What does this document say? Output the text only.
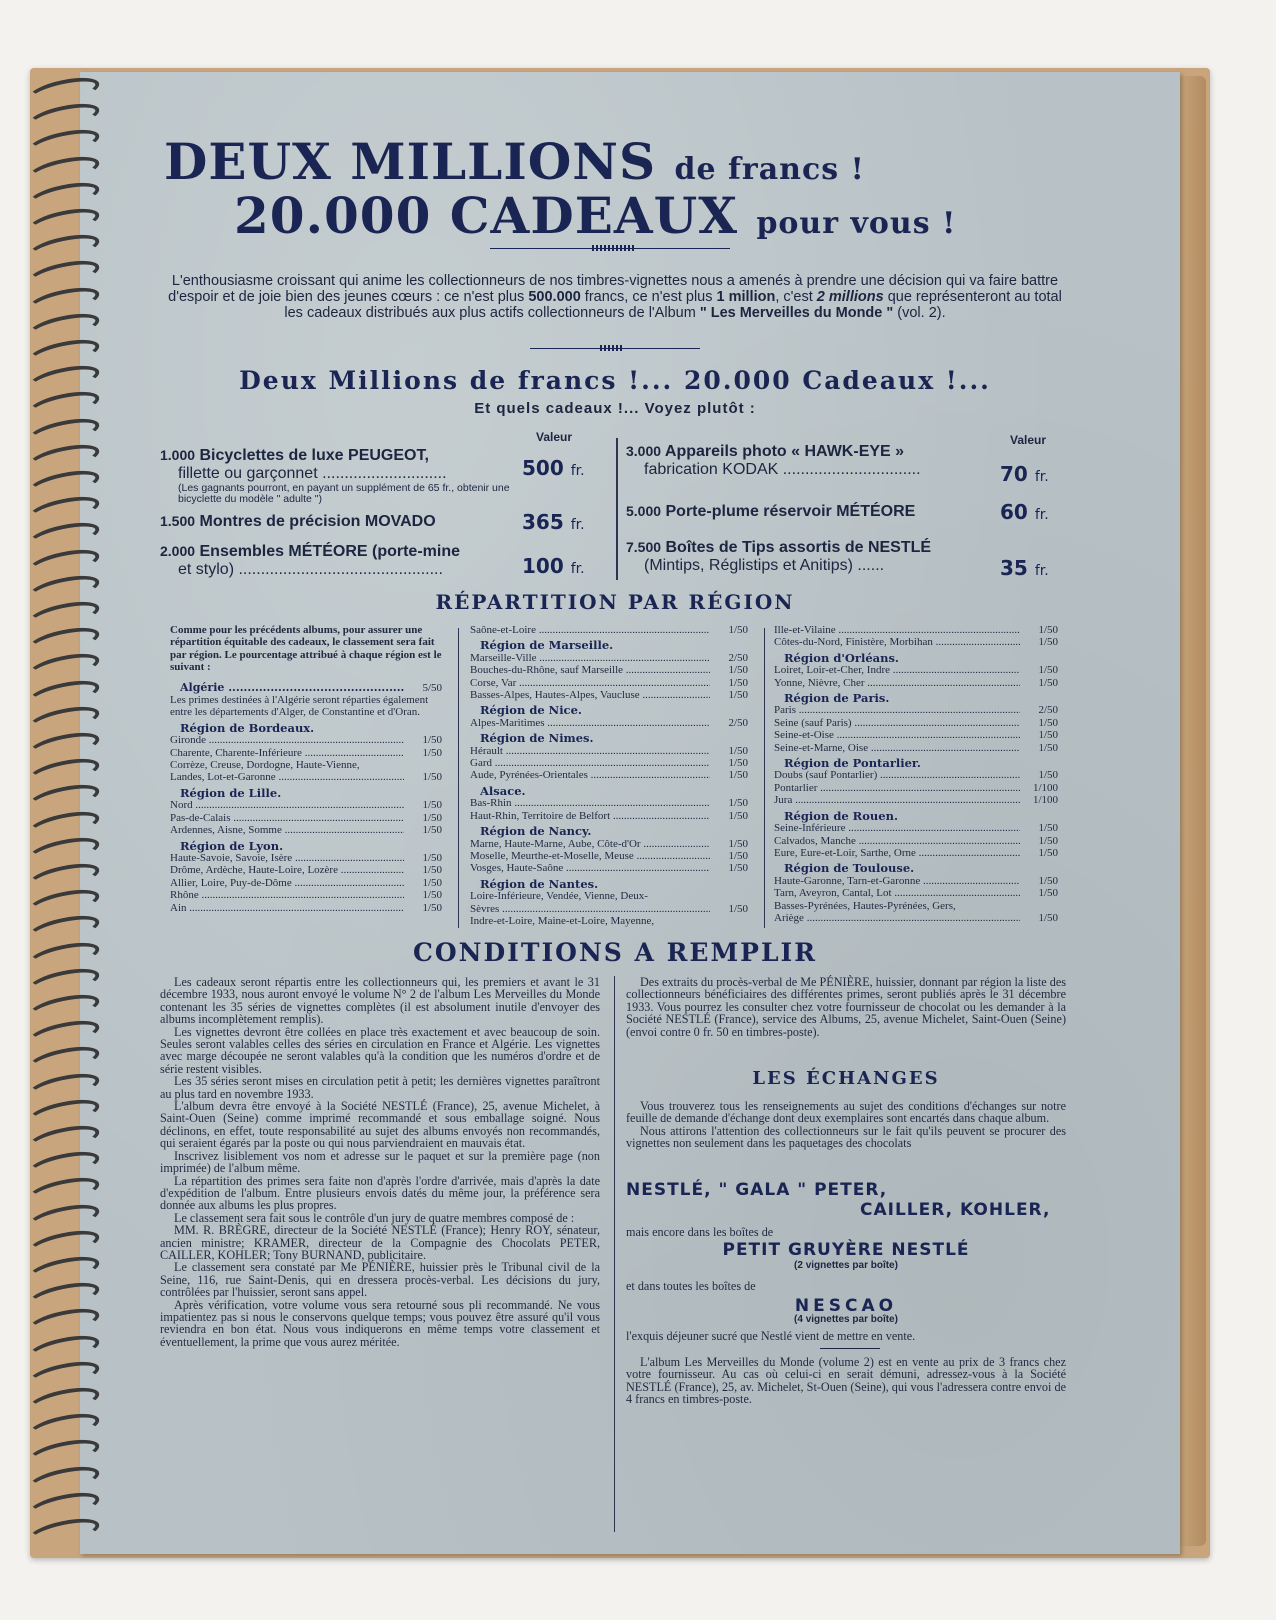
DEUX MILLIONS de francs !
20.000 CADEAUX pour vous !
L'enthousiasme croissant qui anime les collectionneurs de nos timbres-vignettes nous a amenés à prendre une décision qui va faire battre d'espoir et de joie bien des jeunes cœurs : ce n'est plus 500.000 francs, ce n'est plus 1 million, c'est 2 millions que représenteront au total les cadeaux distribués aux plus actifs collectionneurs de l'Album " Les Merveilles du Monde " (vol. 2).
Deux Millions de francs !... 20.000 Cadeaux !...
Et quels cadeaux !... Voyez plutôt :
Valeur	Valeur
1.000 Bicyclettes de luxe PEUGEOT,
fillette ou garçonnet ............................
(Les gagnants pourront, en payant un supplément de 65 fr., obtenir une bicyclette du modèle " adulte ")
500 fr.
1.500 Montres de précision MOVADO	365 fr.
2.000 Ensembles MÉTÉORE (porte-mine
et stylo) ..............................................	100 fr.
3.000 Appareils photo « HAWK-EYE »
fabrication KODAK ...............................	70 fr.
5.000 Porte-plume réservoir MÉTÉORE	60 fr.
7.500 Boîtes de Tips assortis de NESTLÉ
(Mintips, Réglistips et Anitips) ......	35 fr.
RÉPARTITION PAR RÉGION
Comme pour les précédents albums, pour assurer une répartition équitable des cadeaux, le classement sera fait par région. Le pourcentage attribué à chaque région est le suivant :
Algérie .....	5/50
Les primes destinées à l'Algérie seront réparties également entre les départements d'Alger, de Constantine et d'Oran.
Région de Bordeaux.
Gironde .....	1/50
Charente, Charente-Inférieure .....	1/50
Corrèze, Creuse, Dordogne, Haute-Vienne,
Landes, Lot-et-Garonne .....	1/50
Région de Lille.
Nord .....	1/50
Pas-de-Calais .....	1/50
Ardennes, Aisne, Somme .....	1/50
Région de Lyon.
Haute-Savoie, Savoie, Isère .....	1/50
Drôme, Ardèche, Haute-Loire, Lozère .....	1/50
Allier, Loire, Puy-de-Dôme .....	1/50
Rhône .....	1/50
Ain .....	1/50
Saône-et-Loire .....	1/50
Région de Marseille.
Marseille-Ville .....	2/50
Bouches-du-Rhône, sauf Marseille .....	1/50
Corse, Var .....	1/50
Basses-Alpes, Hautes-Alpes, Vaucluse .....	1/50
Région de Nice.
Alpes-Maritimes .....	2/50
Région de Nimes.
Hérault .....	1/50
Gard .....	1/50
Aude, Pyrénées-Orientales .....	1/50
Alsace.
Bas-Rhin .....	1/50
Haut-Rhin, Territoire de Belfort .....	1/50
Région de Nancy.
Marne, Haute-Marne, Aube, Côte-d'Or .....	1/50
Moselle, Meurthe-et-Moselle, Meuse .....	1/50
Vosges, Haute-Saône .....	1/50
Région de Nantes.
Loire-Inférieure, Vendée, Vienne, Deux-
Sèvres .....	1/50
Indre-et-Loire, Maine-et-Loire, Mayenne,
Ille-et-Vilaine .....	1/50
Côtes-du-Nord, Finistère, Morbihan .....	1/50
Région d'Orléans.
Loiret, Loir-et-Cher, Indre .....	1/50
Yonne, Nièvre, Cher .....	1/50
Région de Paris.
Paris .....	2/50
Seine (sauf Paris) .....	1/50
Seine-et-Oise .....	1/50
Seine-et-Marne, Oise .....	1/50
Région de Pontarlier.
Doubs (sauf Pontarlier) .....	1/50
Pontarlier .....	1/100
Jura .....	1/100
Région de Rouen.
Seine-Inférieure .....	1/50
Calvados, Manche .....	1/50
Eure, Eure-et-Loir, Sarthe, Orne .....	1/50
Région de Toulouse.
Haute-Garonne, Tarn-et-Garonne .....	1/50
Tarn, Aveyron, Cantal, Lot .....	1/50
Basses-Pyrénées, Hautes-Pyrénées, Gers,
Ariège .....	1/50
CONDITIONS A REMPLIR

Les cadeaux seront répartis entre les collectionneurs qui, les premiers et avant le 31 décembre 1933, nous auront envoyé le volume N° 2 de l'album Les Merveilles du Monde contenant les 35 séries de vignettes complètes (il est absolument inutile d'envoyer des albums incomplètement remplis).

Les vignettes devront être collées en place très exactement et avec beaucoup de soin. Seules seront valables celles des séries en circulation en France et Algérie. Les vignettes avec marge découpée ne seront valables qu'à la condition que les numéros d'ordre et de série restent visibles.

Les 35 séries seront mises en circulation petit à petit; les dernières vignettes paraîtront au plus tard en novembre 1933.

L'album devra être envoyé à la Société NESTLÉ (France), 25, avenue Michelet, à Saint-Ouen (Seine) comme imprimé recommandé et sous emballage soigné. Nous déclinons, en effet, toute responsabilité au sujet des albums envoyés non recommandés, qui seraient égarés par la poste ou qui nous parviendraient en mauvais état.

Inscrivez lisiblement vos nom et adresse sur le paquet et sur la première page (non imprimée) de l'album même.

La répartition des primes sera faite non d'après l'ordre d'arrivée, mais d'après la date d'expédition de l'album. Entre plusieurs envois datés du même jour, la préférence sera donnée aux albums les plus propres.

Le classement sera fait sous le contrôle d'un jury de quatre membres composé de :

MM. R. BRÈGRE, directeur de la Société NESTLÉ (France); Henry ROY, sénateur, ancien ministre; KRAMER, directeur de la Compagnie des Chocolats PETER, CAILLER, KOHLER; Tony BURNAND, publicitaire.

Le classement sera constaté par Me PÉNIÈRE, huissier près le Tribunal civil de la Seine, 116, rue Saint-Denis, qui en dressera procès-verbal. Les décisions du jury, contrôlées par l'huissier, seront sans appel.

Après vérification, votre volume vous sera retourné sous pli recommandé. Ne vous impatientez pas si nous le conservons quelque temps; vous pouvez être assuré qu'il vous reviendra en bon état. Nous vous indiquerons en même temps votre classement et éventuellement, la prime que vous aurez méritée.

Des extraits du procès-verbal de Me PÉNIÈRE, huissier, donnant par région la liste des collectionneurs bénéficiaires des différentes primes, seront publiés après le 31 décembre 1933. Vous pourrez les consulter chez votre fournisseur de chocolat ou les demander à la Société NESTLÉ (France), service des Albums, 25, avenue Michelet, Saint-Ouen (Seine) (envoi contre 0 fr. 50 en timbres-poste).

LES ÉCHANGES

Vous trouverez tous les renseignements au sujet des conditions d'échanges sur notre feuille de demande d'échange dont deux exemplaires sont encartés dans chaque album.

Nous attirons l'attention des collectionneurs sur le fait qu'ils peuvent se procurer des vignettes non seulement dans les paquetages des chocolats

NESTLÉ, " GALA " PETER,
CAILLER, KOHLER,
mais encore dans les boîtes de
PETIT GRUYÈRE NESTLÉ
(2 vignettes par boîte)
et dans toutes les boîtes de
NESCAO
(4 vignettes par boîte)
l'exquis déjeuner sucré que Nestlé vient de mettre en vente.

L'album Les Merveilles du Monde (volume 2) est en vente au prix de 3 francs chez votre fournisseur. Au cas où celui-ci en serait démuni, adressez-vous à la Société NESTLÉ (France), 25, av. Michelet, St-Ouen (Seine), qui vous l'adressera contre envoi de 4 francs en timbres-poste.
